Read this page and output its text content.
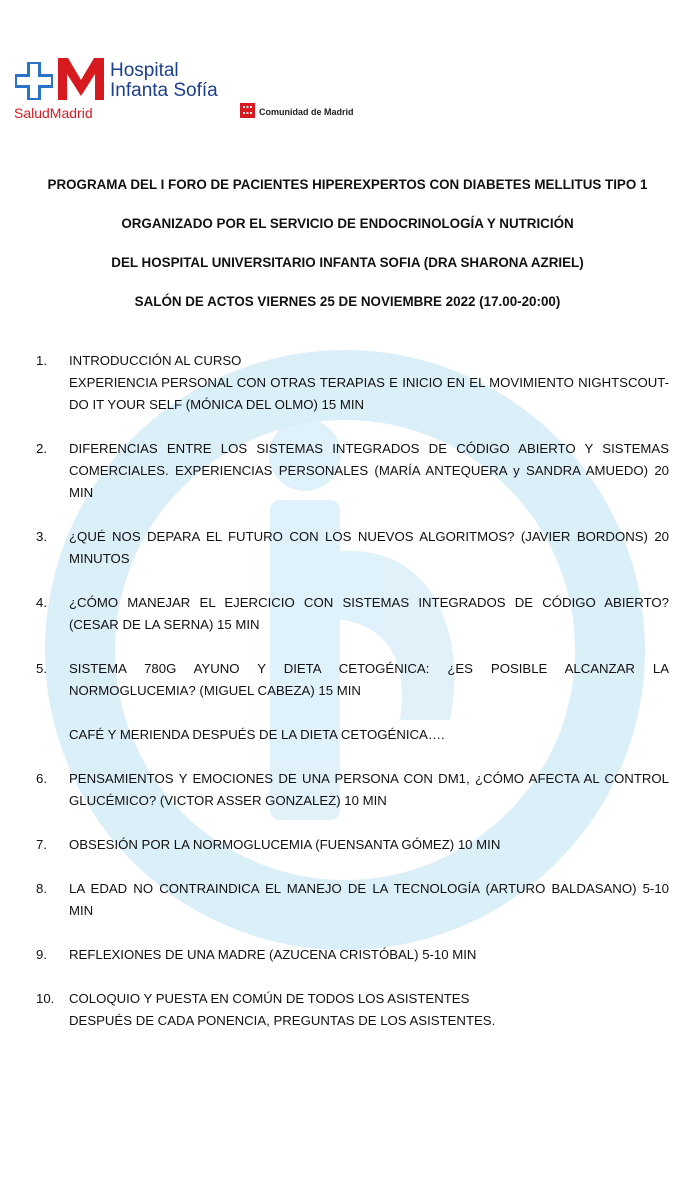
Hospital
Infanta Sofía
SaludMadrid	Comunidad de Madrid

PROGRAMA DEL I FORO DE PACIENTES HIPEREXPERTOS CON DIABETES MELLITUS TIPO 1

ORGANIZADO POR EL SERVICIO DE ENDOCRINOLOGÍA Y NUTRICIÓN

DEL HOSPITAL UNIVERSITARIO INFANTA SOFIA (DRA SHARONA AZRIEL)

SALÓN DE ACTOS VIERNES 25 DE NOVIEMBRE 2022 (17.00-20:00)

1.	INTRODUCCIÓN AL CURSO
EXPERIENCIA PERSONAL CON OTRAS TERAPIAS E INICIO EN EL MOVIMIENTO NIGHTSCOUT-DO IT YOUR SELF (MÓNICA DEL OLMO) 15 MIN
2.	DIFERENCIAS ENTRE LOS SISTEMAS INTEGRADOS DE CÓDIGO ABIERTO Y SISTEMAS COMERCIALES. EXPERIENCIAS PERSONALES (MARÍA ANTEQUERA y SANDRA AMUEDO) 20 MIN
3.	¿QUÉ NOS DEPARA EL FUTURO CON LOS NUEVOS ALGORITMOS? (JAVIER BORDONS) 20 MINUTOS
4.	¿CÓMO MANEJAR EL EJERCICIO CON SISTEMAS INTEGRADOS DE CÓDIGO ABIERTO? (CESAR DE LA SERNA) 15 MIN
5.	SISTEMA 780G AYUNO Y DIETA CETOGÉNICA: ¿ES POSIBLE ALCANZAR LA NORMOGLUCEMIA? (MIGUEL CABEZA) 15 MIN
CAFÉ Y MERIENDA DESPUÉS DE LA DIETA CETOGÉNICA….
6.	PENSAMIENTOS Y EMOCIONES DE UNA PERSONA CON DM1, ¿CÓMO AFECTA AL CONTROL GLUCÉMICO? (VICTOR ASSER GONZALEZ) 10 MIN
7.	OBSESIÓN POR LA NORMOGLUCEMIA (FUENSANTA GÓMEZ) 10 MIN
8.	LA EDAD NO CONTRAINDICA EL MANEJO DE LA TECNOLOGÍA (ARTURO BALDASANO) 5-10 MIN
9.	REFLEXIONES DE UNA MADRE (AZUCENA CRISTÓBAL) 5-10 MIN
10.	COLOQUIO Y PUESTA EN COMÚN DE TODOS LOS ASISTENTES
DESPUÉS DE CADA PONENCIA, PREGUNTAS DE LOS ASISTENTES.
